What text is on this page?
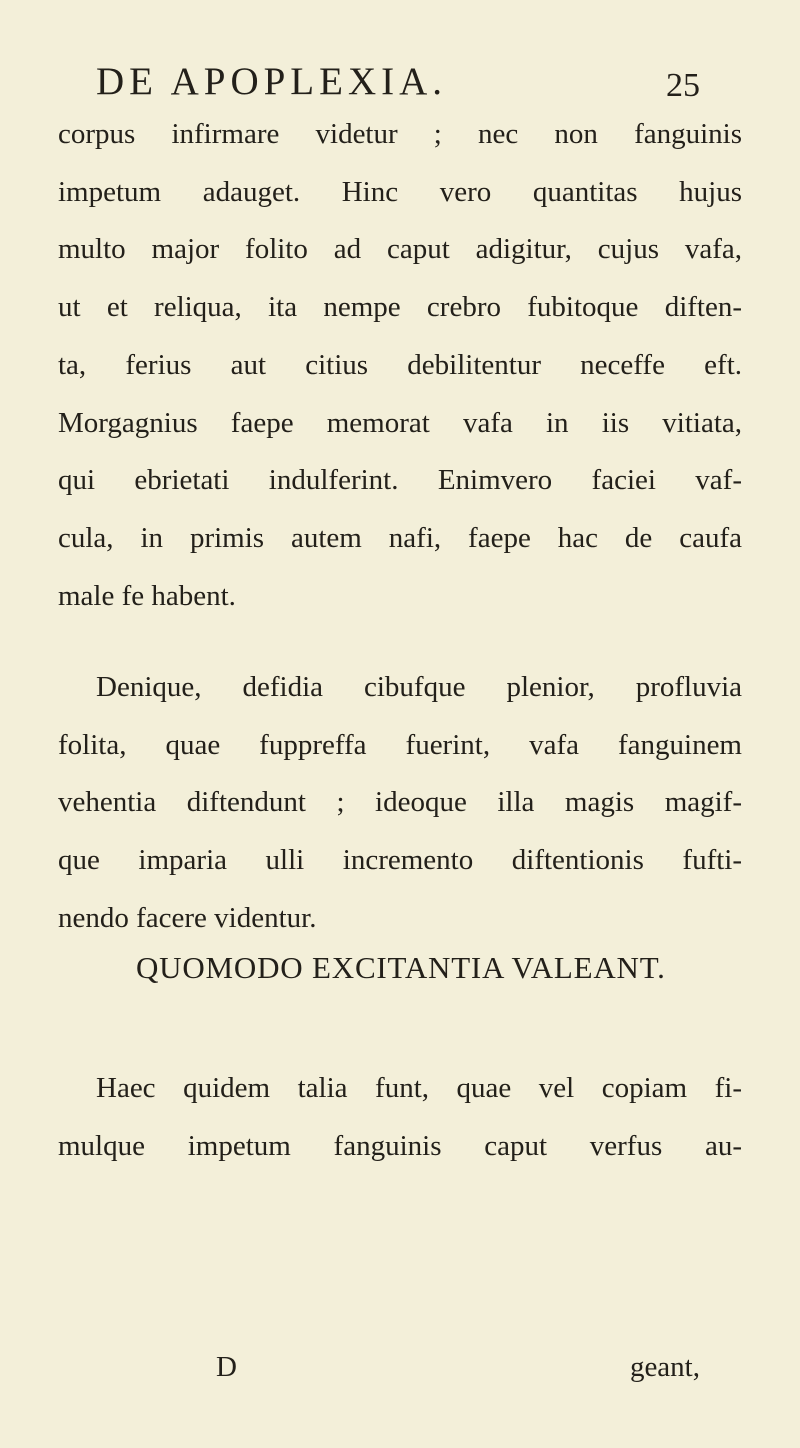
DE APOPLEXIA.	25
corpus infirmare videtur ; nec non fanguinis
impetum adauget. Hinc vero quantitas hujus
multo major folito ad caput adigitur, cujus vafa,
ut et reliqua, ita nempe crebro fubitoque diften-
ta, ferius aut citius debilitentur neceffe eft.
Morgagnius faepe memorat vafa in iis vitiata,
qui ebrietati indulferint. Enimvero faciei vaf-
cula, in primis autem nafi, faepe hac de caufa
male fe habent.
Denique, defidia cibufque plenior, profluvia
folita, quae fuppreffa fuerint, vafa fanguinem
vehentia diftendunt ; ideoque illa magis magif-
que imparia ulli incremento diftentionis fufti-
nendo facere videntur.
QUOMODO EXCITANTIA VALEANT.
Haec quidem talia funt, quae vel copiam fi-
mulque impetum fanguinis caput verfus au-
D	geant,
